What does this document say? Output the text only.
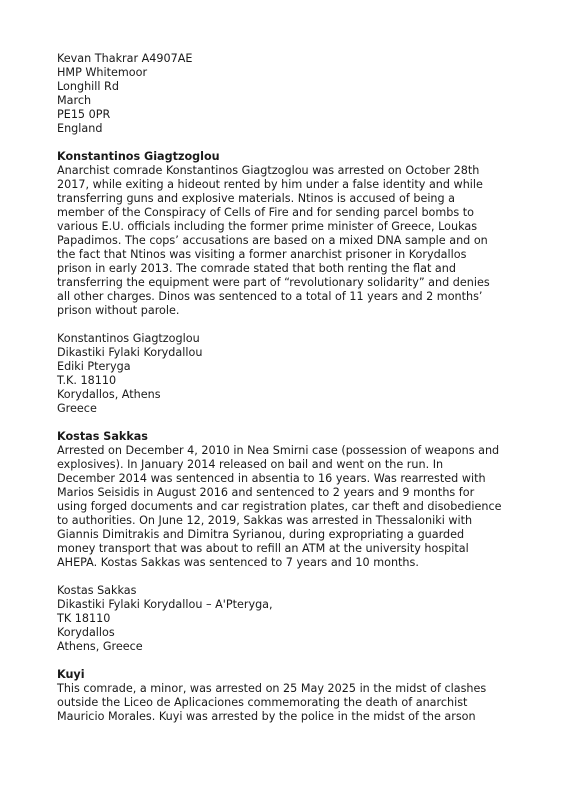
Kevan Thakrar A4907AE
HMP Whitemoor
Longhill Rd
March
PE15 0PR
England
Konstantinos Giagtzoglou
Anarchist comrade Konstantinos Giagtzoglou was arrested on October 28th
2017, while exiting a hideout rented by him under a false identity and while
transferring guns and explosive materials. Ntinos is accused of being a
member of the Conspiracy of Cells of Fire and for sending parcel bombs to
various E.U. officials including the former prime minister of Greece, Loukas
Papadimos. The cops’ accusations are based on a mixed DNA sample and on
the fact that Ntinos was visiting a former anarchist prisoner in Korydallos
prison in early 2013. The comrade stated that both renting the flat and
transferring the equipment were part of “revolutionary solidarity” and denies
all other charges. Dinos was sentenced to a total of 11 years and 2 months’
prison without parole.
Konstantinos Giagtzoglou
Dikastiki Fylaki Korydallou
Ediki Pteryga
T.K. 18110
Korydallos, Athens
Greece
Kostas Sakkas
Arrested on December 4, 2010 in Nea Smirni case (possession of weapons and
explosives). In January 2014 released on bail and went on the run. In
December 2014 was sentenced in absentia to 16 years. Was rearrested with
Marios Seisidis in August 2016 and sentenced to 2 years and 9 months for
using forged documents and car registration plates, car theft and disobedience
to authorities. On June 12, 2019, Sakkas was arrested in Thessaloniki with
Giannis Dimitrakis and Dimitra Syrianou, during expropriating a guarded
money transport that was about to refill an ATM at the university hospital
AHEPA. Kostas Sakkas was sentenced to 7 years and 10 months.
Kostas Sakkas
Dikastiki Fylaki Korydallou – A'Pteryga,
TK 18110
Korydallos
Athens, Greece
Kuyi
This comrade, a minor, was arrested on 25 May 2025 in the midst of clashes
outside the Liceo de Aplicaciones commemorating the death of anarchist
Mauricio Morales. Kuyi was arrested by the police in the midst of the arson
